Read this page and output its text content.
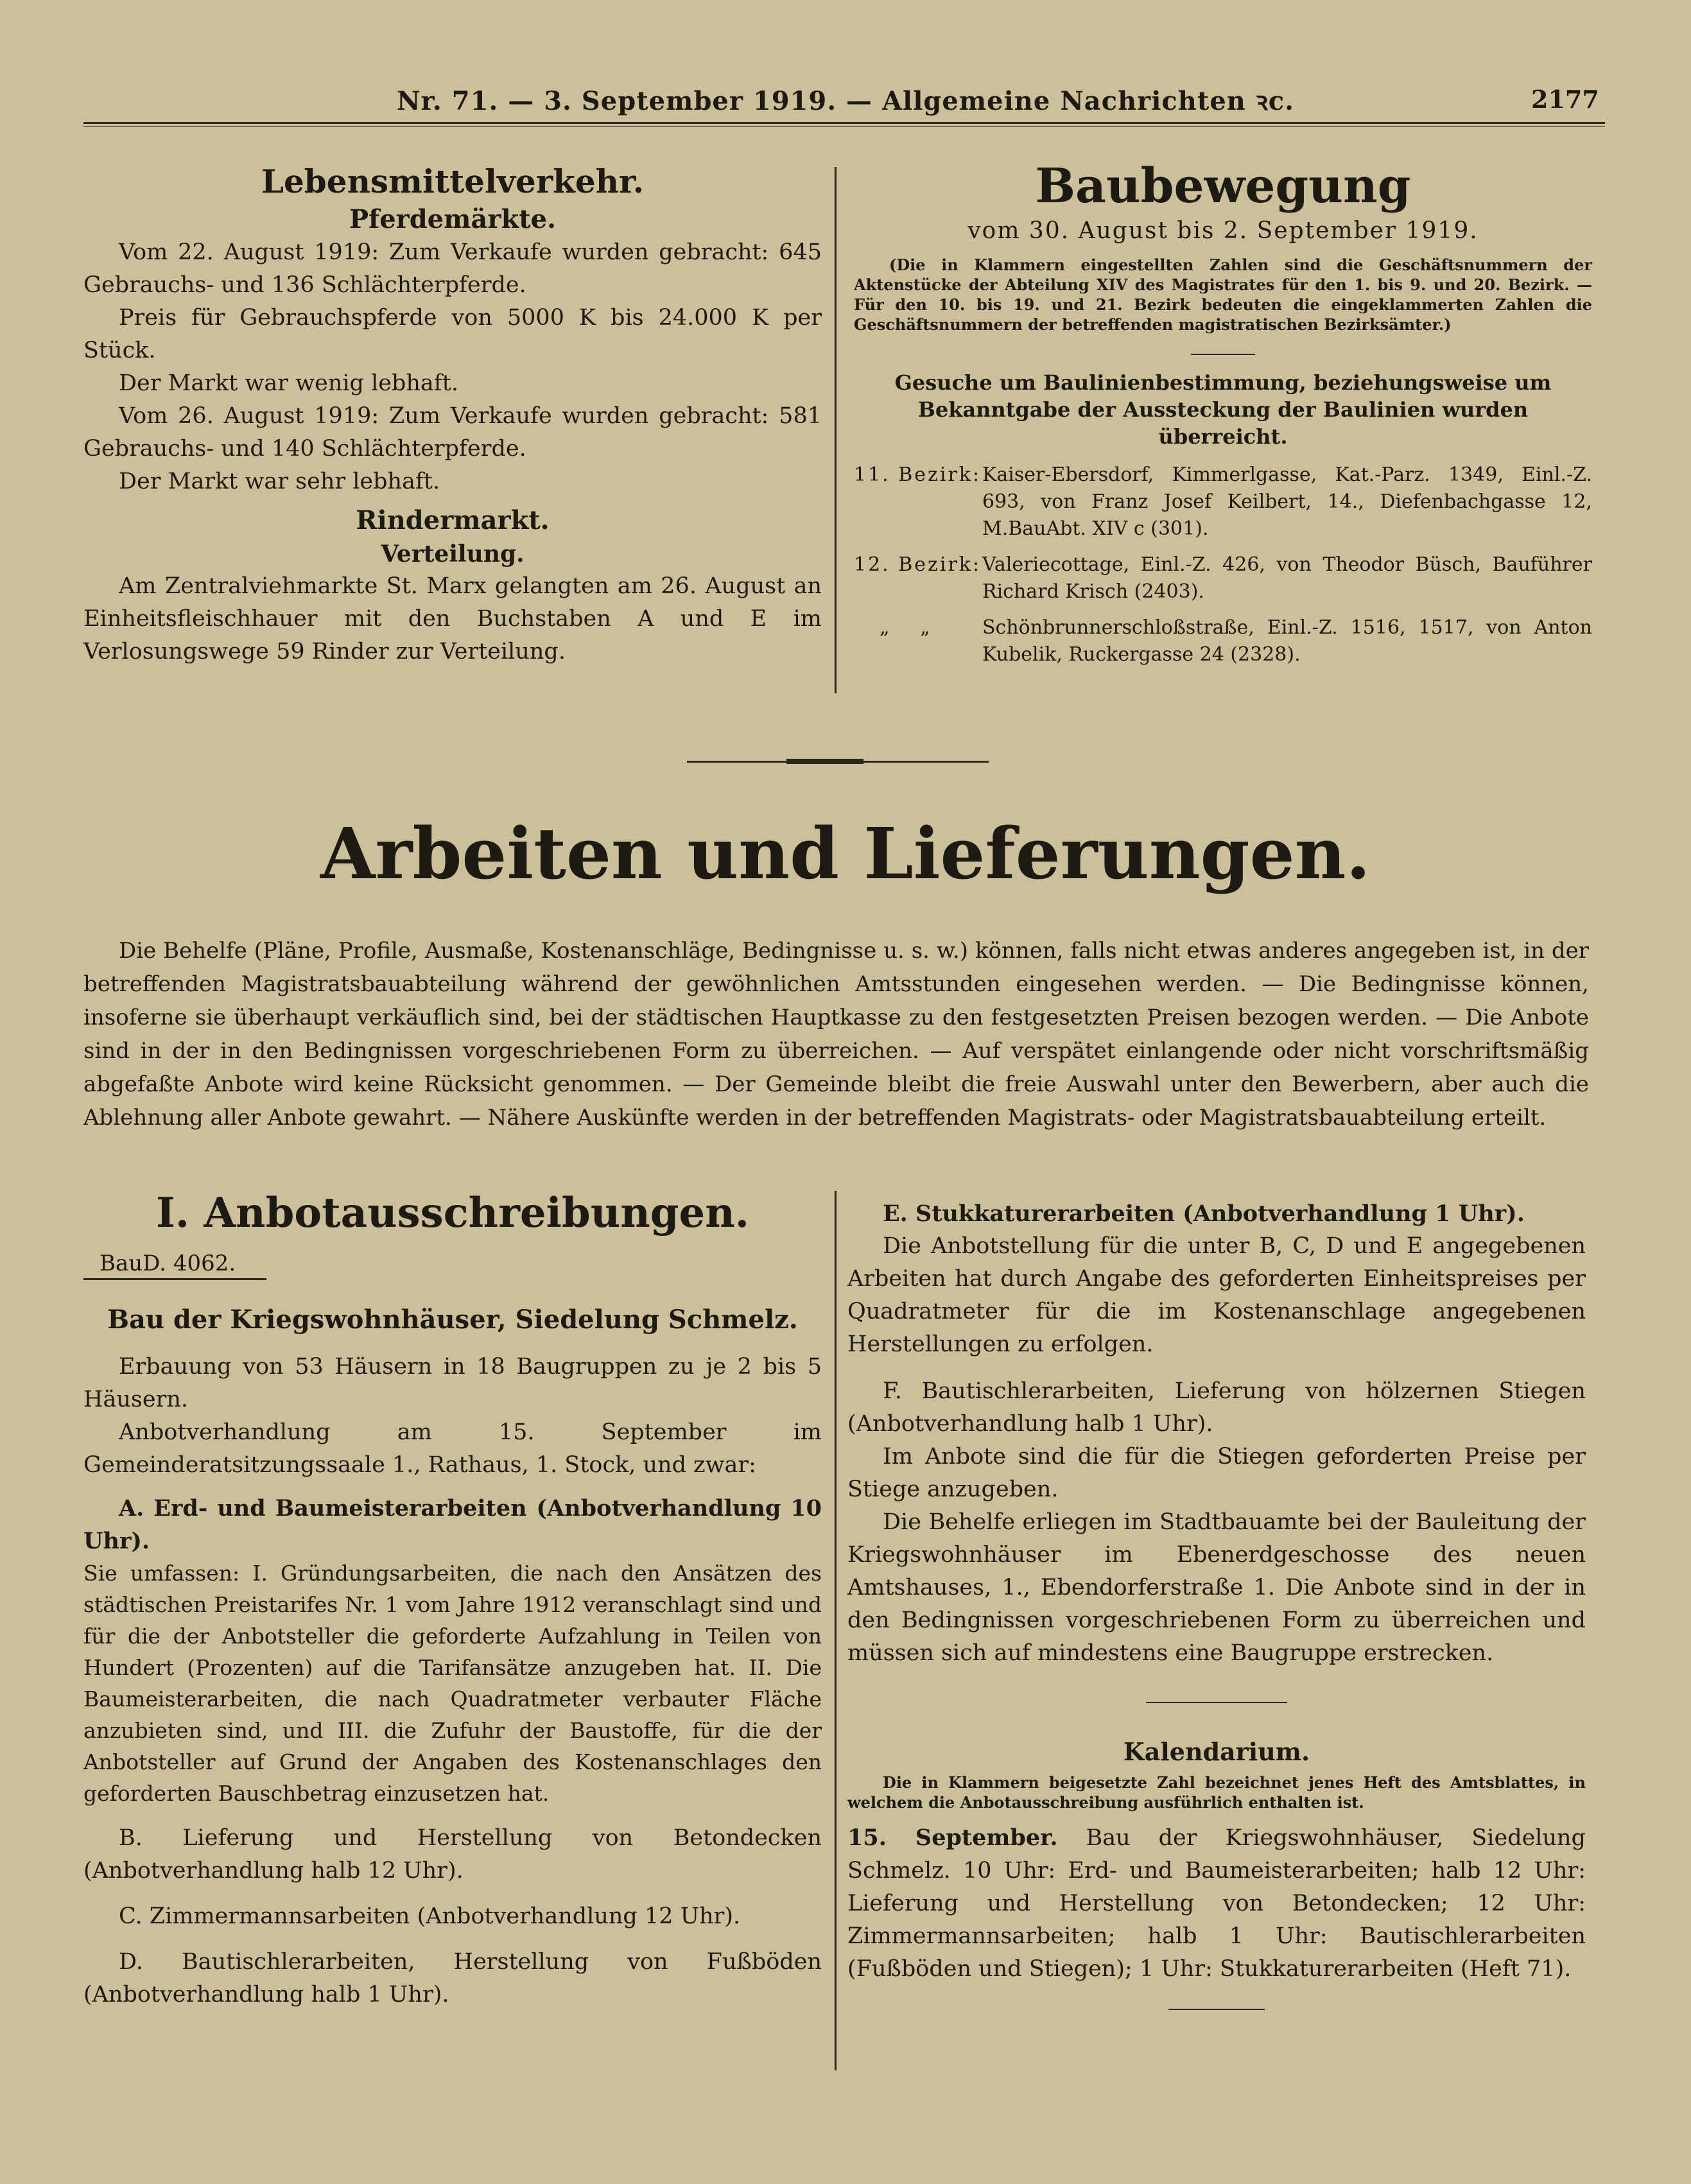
Nr. 71. — 3. September 1919. — Allgemeine Nachrichten ꝛc.	2177
Lebensmittelverkehr.
Pferdemärkte.

Vom 22. August 1919: Zum Verkaufe wurden gebracht: 645 Gebrauchs- und 136 Schlächterpferde.

Preis für Gebrauchspferde von 5000 K bis 24.000 K per Stück.

Der Markt war wenig lebhaft.

Vom 26. August 1919: Zum Verkaufe wurden gebracht: 581 Gebrauchs- und 140 Schlächterpferde.

Der Markt war sehr lebhaft.

Rindermarkt.
Verteilung.

Am Zentralviehmarkte St. Marx gelangten am 26. August an Einheitsfleischhauer mit den Buchstaben A und E im Verlosungswege 59 Rinder zur Verteilung.

Baubewegung
vom 30. August bis 2. September 1919.

(Die in Klammern eingestellten Zahlen sind die Geschäftsnummern der Aktenstücke der Abteilung XIV des Magistrates für den 1. bis 9. und 20. Bezirk. — Für den 10. bis 19. und 21. Bezirk bedeuten die eingeklammerten Zahlen die Geschäftsnummern der betreffenden magistratischen Bezirksämter.)

Gesuche um Baulinienbestimmung, beziehungsweise um Bekanntgabe der Aussteckung der Baulinien wurden überreicht.

11. Bezirk: Kaiser-Ebersdorf, Kimmerlgasse, Kat.-Parz. 1349, Einl.-Z. 693, von Franz Josef Keilbert, 14., Diefenbachgasse 12, M.BauAbt. XIV c (301).
12. Bezirk: Valeriecottage, Einl.-Z. 426, von Theodor Büsch, Bauführer Richard Krisch (2403).
„     „	Schönbrunnerschloßstraße, Einl.-Z. 1516, 1517, von Anton Kubelik, Ruckergasse 24 (2328).
Arbeiten und Lieferungen.

Die Behelfe (Pläne, Profile, Ausmaße, Kostenanschläge, Bedingnisse u. s. w.) können, falls nicht etwas anderes angegeben ist, in der betreffenden Magistratsbauabteilung während der gewöhnlichen Amtsstunden eingesehen werden. — Die Bedingnisse können, insoferne sie überhaupt verkäuflich sind, bei der städtischen Hauptkasse zu den festgesetzten Preisen bezogen werden. — Die Anbote sind in der in den Bedingnissen vorgeschriebenen Form zu überreichen. — Auf verspätet einlangende oder nicht vorschriftsmäßig abgefaßte Anbote wird keine Rücksicht genommen. — Der Gemeinde bleibt die freie Auswahl unter den Bewerbern, aber auch die Ablehnung aller Anbote gewahrt. — Nähere Auskünfte werden in der betreffenden Magistrats- oder Magistratsbauabteilung erteilt.

I. Anbotausschreibungen.
BauD. 4062.
Bau der Kriegswohnhäuser, Siedelung Schmelz.

Erbauung von 53 Häusern in 18 Baugruppen zu je 2 bis 5 Häusern.

Anbotverhandlung am 15. September im Gemeinderatsitzungssaale 1., Rathaus, 1. Stock, und zwar:

A. Erd- und Baumeisterarbeiten (Anbotverhandlung 10 Uhr).

Sie umfassen: I. Gründungsarbeiten, die nach den Ansätzen des städtischen Preistarifes Nr. 1 vom Jahre 1912 veranschlagt sind und für die der Anbotsteller die geforderte Aufzahlung in Teilen von Hundert (Prozenten) auf die Tarifansätze anzugeben hat. II. Die Baumeisterarbeiten, die nach Quadratmeter verbauter Fläche anzubieten sind, und III. die Zufuhr der Baustoffe, für die der Anbotsteller auf Grund der Angaben des Kostenanschlages den geforderten Bauschbetrag einzusetzen hat.

B. Lieferung und Herstellung von Betondecken (Anbotverhandlung halb 12 Uhr).

C. Zimmermannsarbeiten (Anbotverhandlung 12 Uhr).

D. Bautischlerarbeiten, Herstellung von Fußböden (Anbotverhandlung halb 1 Uhr).

E. Stukkaturerarbeiten (Anbotverhandlung 1 Uhr).

Die Anbotstellung für die unter B, C, D und E angegebenen Arbeiten hat durch Angabe des geforderten Einheitspreises per Quadratmeter für die im Kostenanschlage angegebenen Herstellungen zu erfolgen.

F. Bautischlerarbeiten, Lieferung von hölzernen Stiegen (Anbotverhandlung halb 1 Uhr).

Im Anbote sind die für die Stiegen geforderten Preise per Stiege anzugeben.

Die Behelfe erliegen im Stadtbauamte bei der Bauleitung der Kriegswohnhäuser im Ebenerdgeschosse des neuen Amtshauses, 1., Ebendorferstraße 1. Die Anbote sind in der in den Bedingnissen vorgeschriebenen Form zu überreichen und müssen sich auf mindestens eine Baugruppe erstrecken.

Kalendarium.

Die in Klammern beigesetzte Zahl bezeichnet jenes Heft des Amtsblattes, in welchem die Anbotausschreibung ausführlich enthalten ist.

15. September. Bau der Kriegswohnhäuser, Siedelung Schmelz. 10 Uhr: Erd- und Baumeisterarbeiten; halb 12 Uhr: Lieferung und Herstellung von Betondecken; 12 Uhr: Zimmermannsarbeiten; halb 1 Uhr: Bautischlerarbeiten (Fußböden und Stiegen); 1 Uhr: Stukkaturerarbeiten (Heft 71).
